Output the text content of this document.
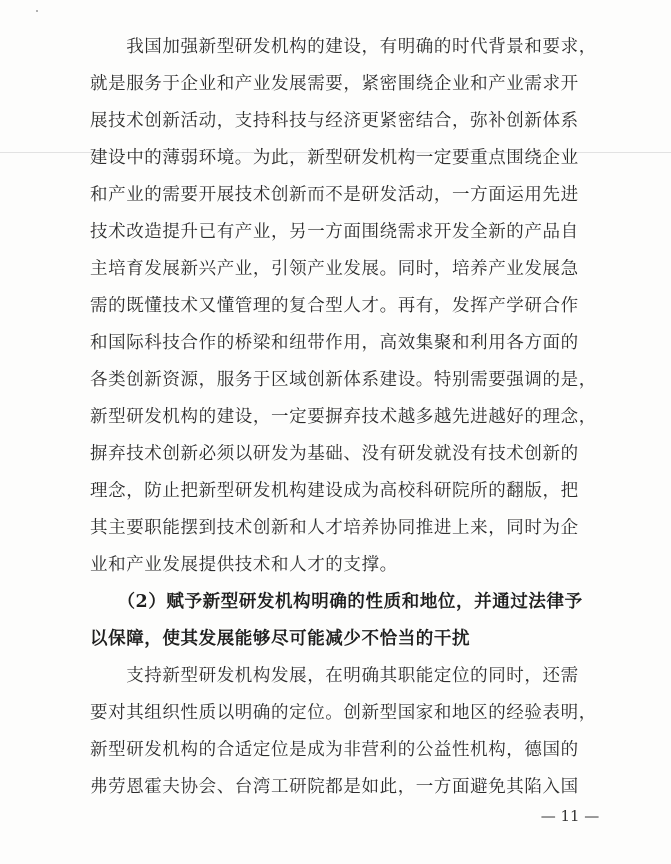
　　我国加强新型研发机构的建设，有明确的时代背景和要求，
就是服务于企业和产业发展需要，紧密围绕企业和产业需求开
展技术创新活动，支持科技与经济更紧密结合，弥补创新体系
建设中的薄弱环境。为此，新型研发机构一定要重点围绕企业
和产业的需要开展技术创新而不是研发活动，一方面运用先进
技术改造提升已有产业，另一方面围绕需求开发全新的产品自
主培育发展新兴产业，引领产业发展。同时，培养产业发展急
需的既懂技术又懂管理的复合型人才。再有，发挥产学研合作
和国际科技合作的桥梁和纽带作用，高效集聚和利用各方面的
各类创新资源，服务于区域创新体系建设。特别需要强调的是，
新型研发机构的建设，一定要摒弃技术越多越先进越好的理念，
摒弃技术创新必须以研发为基础、没有研发就没有技术创新的
理念，防止把新型研发机构建设成为高校科研院所的翻版，把
其主要职能摆到技术创新和人才培养协同推进上来，同时为企
业和产业发展提供技术和人才的支撑。
　　（2）赋予新型研发机构明确的性质和地位，并通过法律予
以保障，使其发展能够尽可能减少不恰当的干扰
　　支持新型研发机构发展，在明确其职能定位的同时，还需
要对其组织性质以明确的定位。创新型国家和地区的经验表明，
新型研发机构的合适定位是成为非营利的公益性机构，德国的
弗劳恩霍夫协会、台湾工研院都是如此，一方面避免其陷入国
— 11 —
